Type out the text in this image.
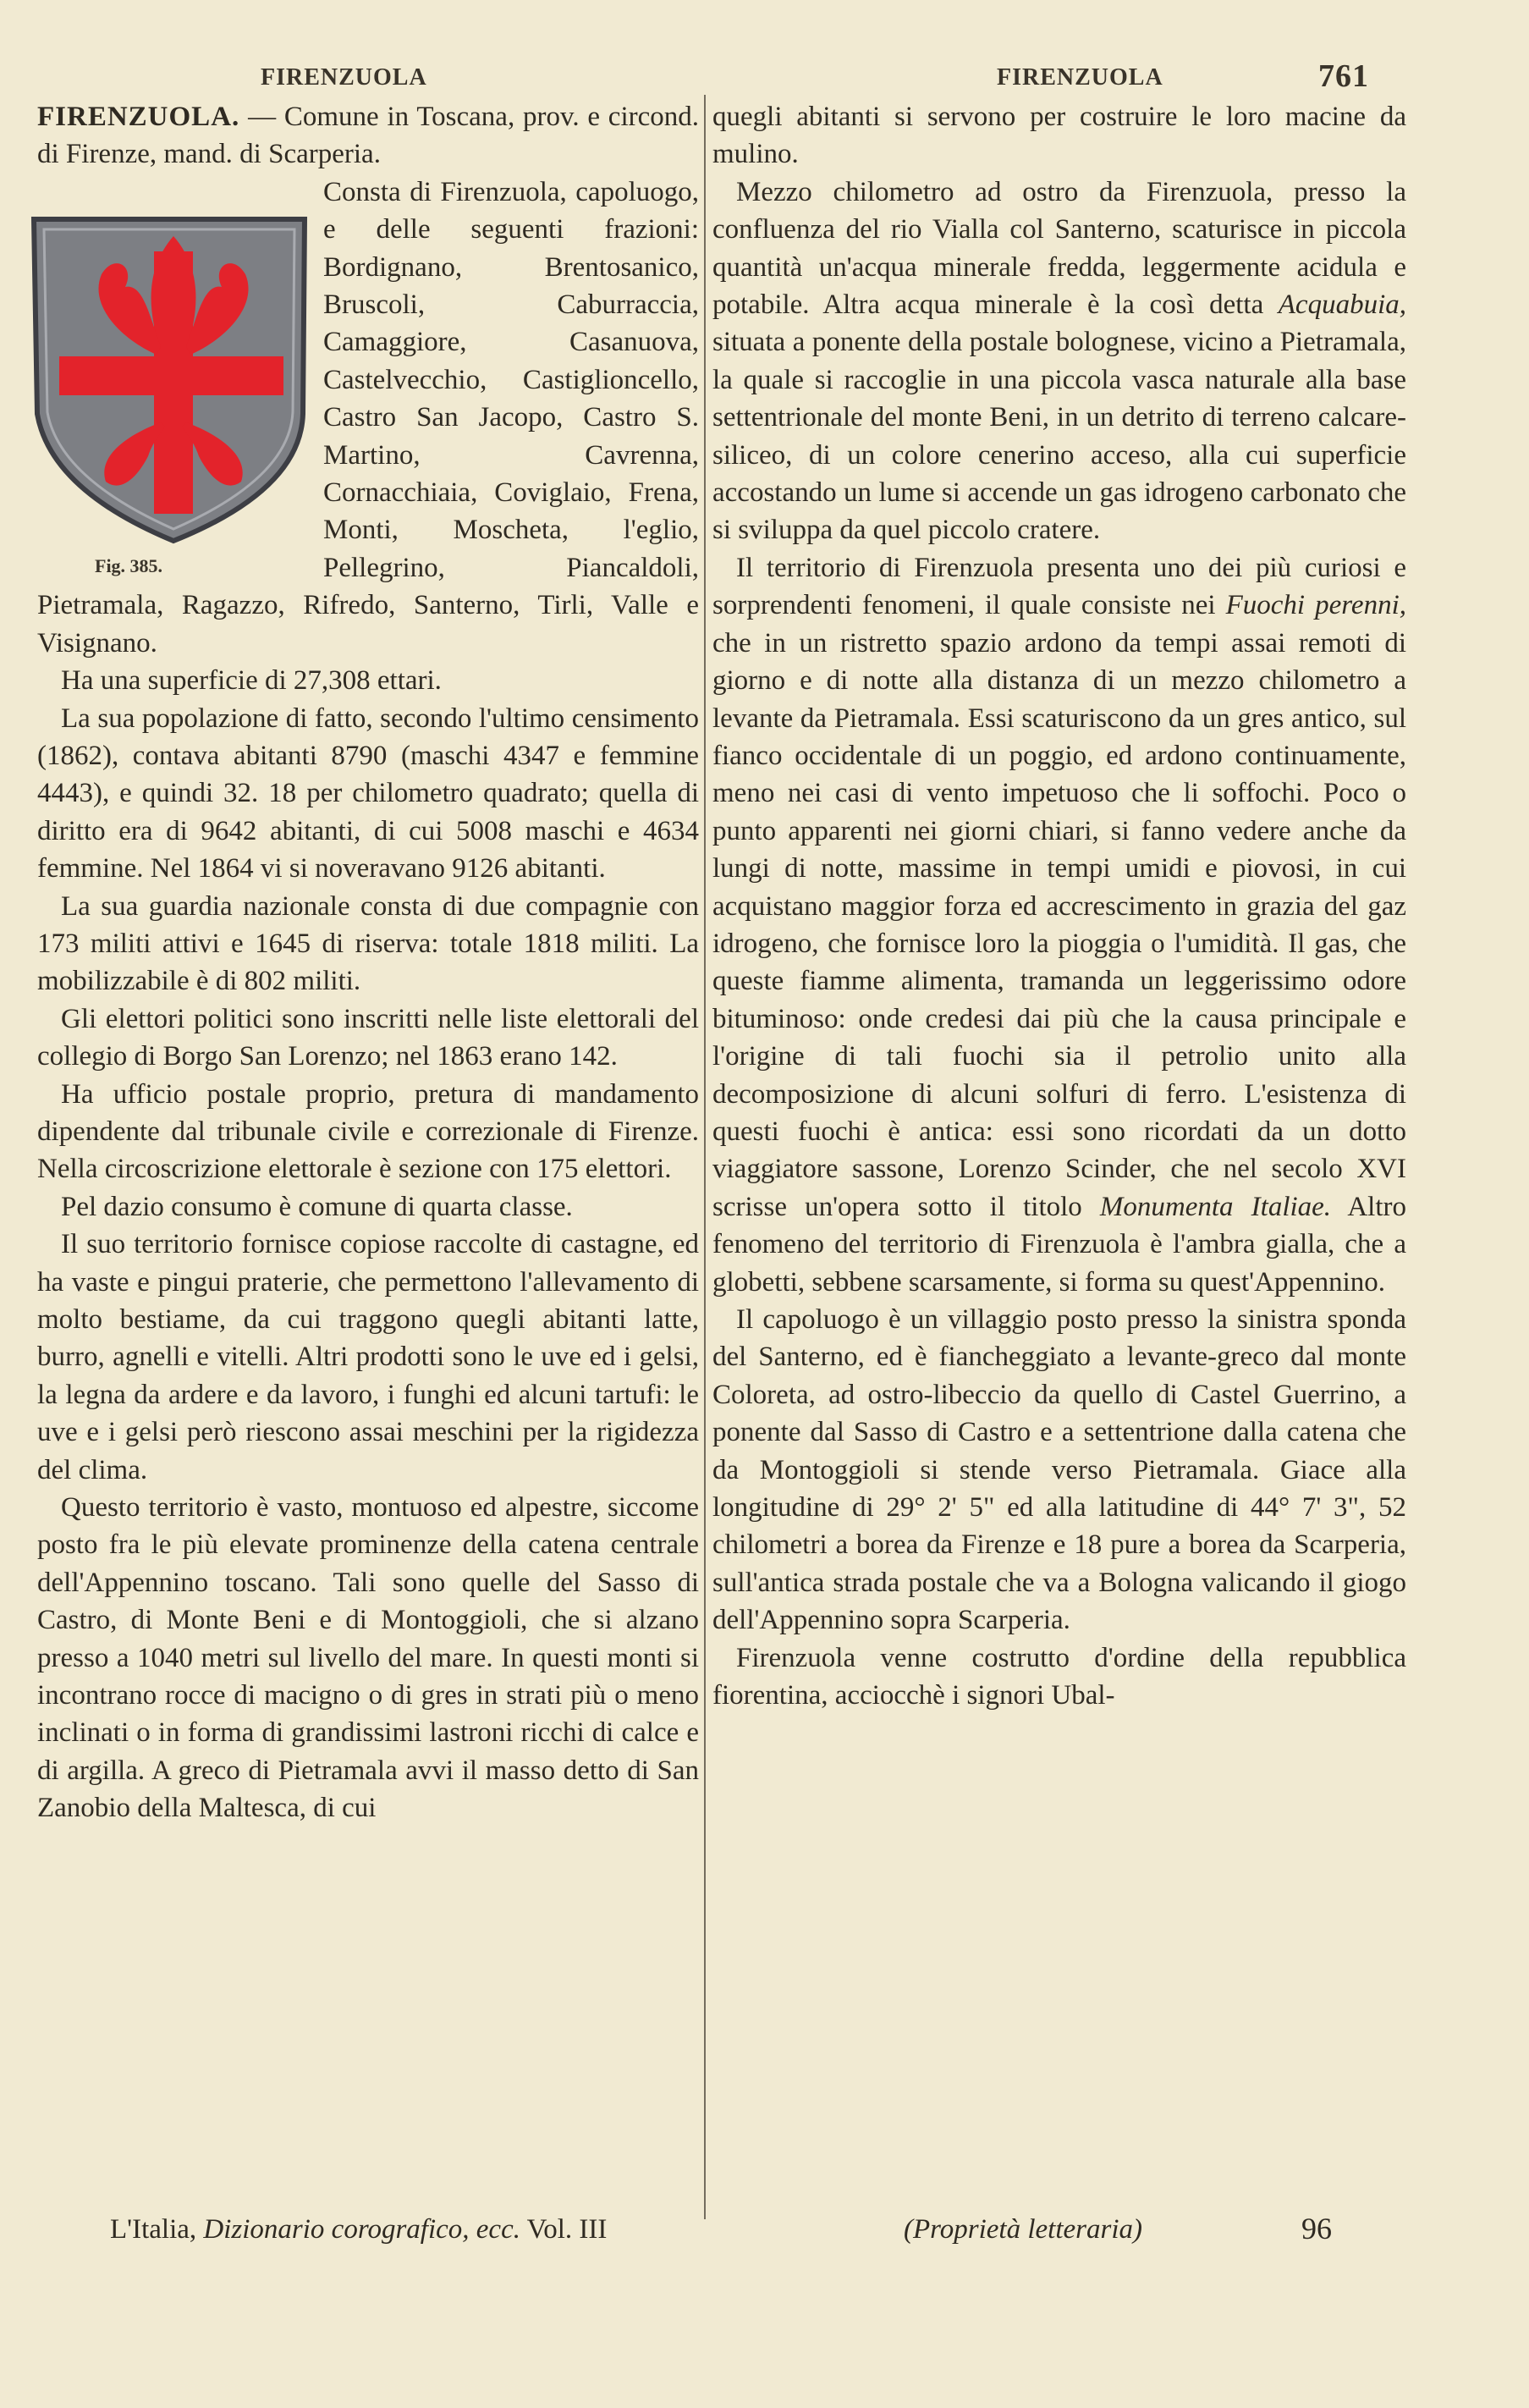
FIRENZUOLA	FIRENZUOLA	761

FIRENZUOLA. — Comune in Toscana, prov. e circond. di Firenze, mand. di Scarperia.

Fig. 385.

Consta di Firenzuola, capoluogo, e delle seguenti frazioni: Bordignano, Brentosanico, Bruscoli, Caburraccia, Camaggiore, Casanuova, Castelvecchio, Castiglioncello, Castro San Jacopo, Castro S. Martino, Cavrenna, Cornacchiaia, Coviglaio, Frena, Monti, Moscheta, l'eglio, Pellegrino, Piancaldoli, Pietramala, Ragazzo, Rifredo, Santerno, Tirli, Valle e Visignano.

Ha una superficie di 27,308 ettari.

La sua popolazione di fatto, secondo l'ultimo censimento (1862), contava abitanti 8790 (maschi 4347 e femmine 4443), e quindi 32. 18 per chilometro quadrato; quella di diritto era di 9642 abitanti, di cui 5008 maschi e 4634 femmine. Nel 1864 vi si noveravano 9126 abitanti.

La sua guardia nazionale consta di due compagnie con 173 militi attivi e 1645 di riserva: totale 1818 militi. La mobilizzabile è di 802 militi.

Gli elettori politici sono inscritti nelle liste elettorali del collegio di Borgo San Lorenzo; nel 1863 erano 142.

Ha ufficio postale proprio, pretura di mandamento dipendente dal tribunale civile e correzionale di Firenze. Nella circoscrizione elettorale è sezione con 175 elettori.

Pel dazio consumo è comune di quarta classe.

Il suo territorio fornisce copiose raccolte di castagne, ed ha vaste e pingui praterie, che permettono l'allevamento di molto bestiame, da cui traggono quegli abitanti latte, burro, agnelli e vitelli. Altri prodotti sono le uve ed i gelsi, la legna da ardere e da lavoro, i funghi ed alcuni tartufi: le uve e i gelsi però riescono assai meschini per la rigidezza del clima.

Questo territorio è vasto, montuoso ed alpestre, siccome posto fra le più elevate prominenze della catena centrale dell'Appennino toscano. Tali sono quelle del Sasso di Castro, di Monte Beni e di Montoggioli, che si alzano presso a 1040 metri sul livello del mare. In questi monti si incontrano rocce di macigno o di gres in strati più o meno inclinati o in forma di grandissimi lastroni ricchi di calce e di argilla. A greco di Pietramala avvi il masso detto di San Zanobio della Maltesca, di cui

quegli abitanti si servono per costruire le loro macine da mulino.

Mezzo chilometro ad ostro da Firenzuola, presso la confluenza del rio Vialla col Santerno, scaturisce in piccola quantità un'acqua minerale fredda, leggermente acidula e potabile. Altra acqua minerale è la così detta Acquabuia, situata a ponente della postale bolognese, vicino a Pietramala, la quale si raccoglie in una piccola vasca naturale alla base settentrionale del monte Beni, in un detrito di terreno calcare-siliceo, di un colore cenerino acceso, alla cui superficie accostando un lume si accende un gas idrogeno carbonato che si sviluppa da quel piccolo cratere.

Il territorio di Firenzuola presenta uno dei più curiosi e sorprendenti fenomeni, il quale consiste nei Fuochi perenni, che in un ristretto spazio ardono da tempi assai remoti di giorno e di notte alla distanza di un mezzo chilometro a levante da Pietramala. Essi scaturiscono da un gres antico, sul fianco occidentale di un poggio, ed ardono continuamente, meno nei casi di vento impetuoso che li soffochi. Poco o punto apparenti nei giorni chiari, si fanno vedere anche da lungi di notte, massime in tempi umidi e piovosi, in cui acquistano maggior forza ed accrescimento in grazia del gaz idrogeno, che fornisce loro la pioggia o l'umidità. Il gas, che queste fiamme alimenta, tramanda un leggerissimo odore bituminoso: onde credesi dai più che la causa principale e l'origine di tali fuochi sia il petrolio unito alla decomposizione di alcuni solfuri di ferro. L'esistenza di questi fuochi è antica: essi sono ricordati da un dotto viaggiatore sassone, Lorenzo Scinder, che nel secolo XVI scrisse un'opera sotto il titolo Monumenta Italiae. Altro fenomeno del territorio di Firenzuola è l'ambra gialla, che a globetti, sebbene scarsamente, si forma su quest'Appennino.

Il capoluogo è un villaggio posto presso la sinistra sponda del Santerno, ed è fiancheggiato a levante-greco dal monte Coloreta, ad ostro-libeccio da quello di Castel Guerrino, a ponente dal Sasso di Castro e a settentrione dalla catena che da Montoggioli si stende verso Pietramala. Giace alla longitudine di 29° 2' 5" ed alla latitudine di 44° 7' 3", 52 chilometri a borea da Firenze e 18 pure a borea da Scarperia, sull'antica strada postale che va a Bologna valicando il giogo dell'Appennino sopra Scarperia.

Firenzuola venne costrutto d'ordine della repubblica fiorentina, acciocchè i signori Ubal-

L'Italia, Dizionario corografico, ecc. Vol. III	(Proprietà letteraria)	96
